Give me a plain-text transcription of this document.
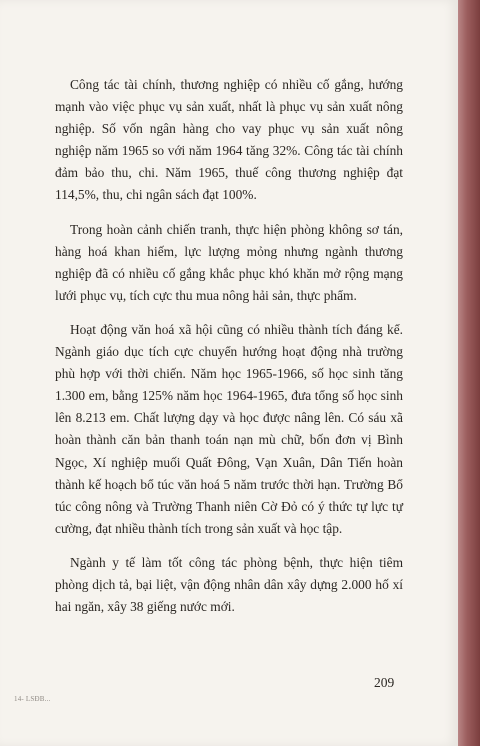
Công tác tài chính, thương nghiệp có nhiều cố gắng, hướng mạnh vào việc phục vụ sản xuất, nhất là phục vụ sản xuất nông nghiệp. Số vốn ngân hàng cho vay phục vụ sản xuất nông nghiệp năm 1965 so với năm 1964 tăng 32%. Công tác tài chính đảm bảo thu, chi. Năm 1965, thuế công thương nghiệp đạt 114,5%, thu, chi ngân sách đạt 100%.

Trong hoàn cảnh chiến tranh, thực hiện phòng không sơ tán, hàng hoá khan hiếm, lực lượng mỏng nhưng ngành thương nghiệp đã có nhiều cố gắng khắc phục khó khăn mở rộng mạng lưới phục vụ, tích cực thu mua nông hải sản, thực phẩm.

Hoạt động văn hoá xã hội cũng có nhiều thành tích đáng kể. Ngành giáo dục tích cực chuyển hướng hoạt động nhà trường phù hợp với thời chiến. Năm học 1965-1966, số học sinh tăng 1.300 em, bằng 125% năm học 1964-1965, đưa tổng số học sinh lên 8.213 em. Chất lượng dạy và học được nâng lên. Có sáu xã hoàn thành căn bản thanh toán nạn mù chữ, bốn đơn vị Bình Ngọc, Xí nghiệp muối Quất Đông, Vạn Xuân, Dân Tiến hoàn thành kế hoạch bổ túc văn hoá 5 năm trước thời hạn. Trường Bổ túc công nông và Trường Thanh niên Cờ Đỏ có ý thức tự lực tự cường, đạt nhiều thành tích trong sản xuất và học tập.

Ngành y tế làm tốt công tác phòng bệnh, thực hiện tiêm phòng dịch tả, bại liệt, vận động nhân dân xây dựng 2.000 hố xí hai ngăn, xây 38 giếng nước mới.

14- LSĐB...
209
